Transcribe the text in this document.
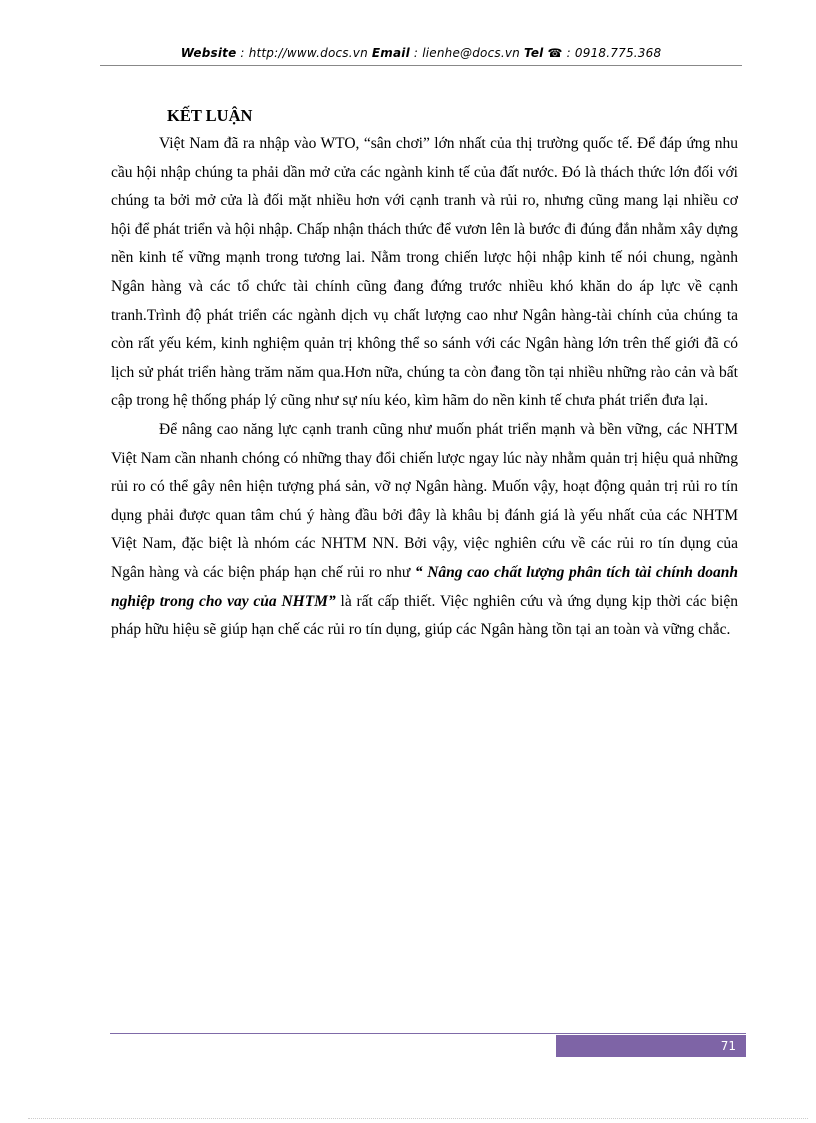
Website : http://www.docs.vn Email : lienhe@docs.vn Tel ☎ : 0918.775.368
KẾT LUẬN

Việt Nam đã ra nhập vào WTO, “sân chơi” lớn nhất của thị trường quốc tế. Để đáp ứng nhu cầu hội nhập chúng ta phải dần mở cửa các ngành kinh tế của đất nước. Đó là thách thức lớn đối với chúng ta bởi mở cửa là đối mặt nhiều hơn với cạnh tranh và rủi ro, nhưng cũng mang lại nhiều cơ hội để phát triển và hội nhập. Chấp nhận thách thức để vươn lên là bước đi đúng đắn nhằm xây dựng nền kinh tế vững mạnh trong tương lai. Nằm trong chiến lược hội nhập kinh tế nói chung, ngành Ngân hàng và các tổ chức tài chính cũng đang đứng trước nhiều khó khăn do áp lực về cạnh tranh.Trình độ phát triển các ngành dịch vụ chất lượng cao như Ngân hàng-tài chính của chúng ta còn rất yếu kém, kinh nghiệm quản trị không thể so sánh với các Ngân hàng lớn trên thế giới đã có lịch sử phát triển hàng trăm năm qua.Hơn nữa, chúng ta còn đang tồn tại nhiều những rào cản và bất cập trong hệ thống pháp lý cũng như sự níu kéo, kìm hãm do nền kinh tế chưa phát triển đưa lại.

Để nâng cao năng lực cạnh tranh cũng như muốn phát triển mạnh và bền vững, các NHTM Việt Nam cần nhanh chóng có những thay đổi chiến lược ngay lúc này nhằm quản trị hiệu quả những rủi ro có thể gây nên hiện tượng phá sản, vỡ nợ Ngân hàng. Muốn vậy, hoạt động quản trị rủi ro tín dụng phải được quan tâm chú ý hàng đầu bởi đây là khâu bị đánh giá là yếu nhất của các NHTM Việt Nam, đặc biệt là nhóm các NHTM NN. Bởi vậy, việc nghiên cứu về các rủi ro tín dụng của Ngân hàng và các biện pháp hạn chế rủi ro như “ Nâng cao chất lượng phân tích tài chính doanh nghiệp trong cho vay của NHTM” là rất cấp thiết. Việc nghiên cứu và ứng dụng kịp thời các biện pháp hữu hiệu sẽ giúp hạn chế các rủi ro tín dụng, giúp các Ngân hàng tồn tại an toàn và vững chắc.

71
